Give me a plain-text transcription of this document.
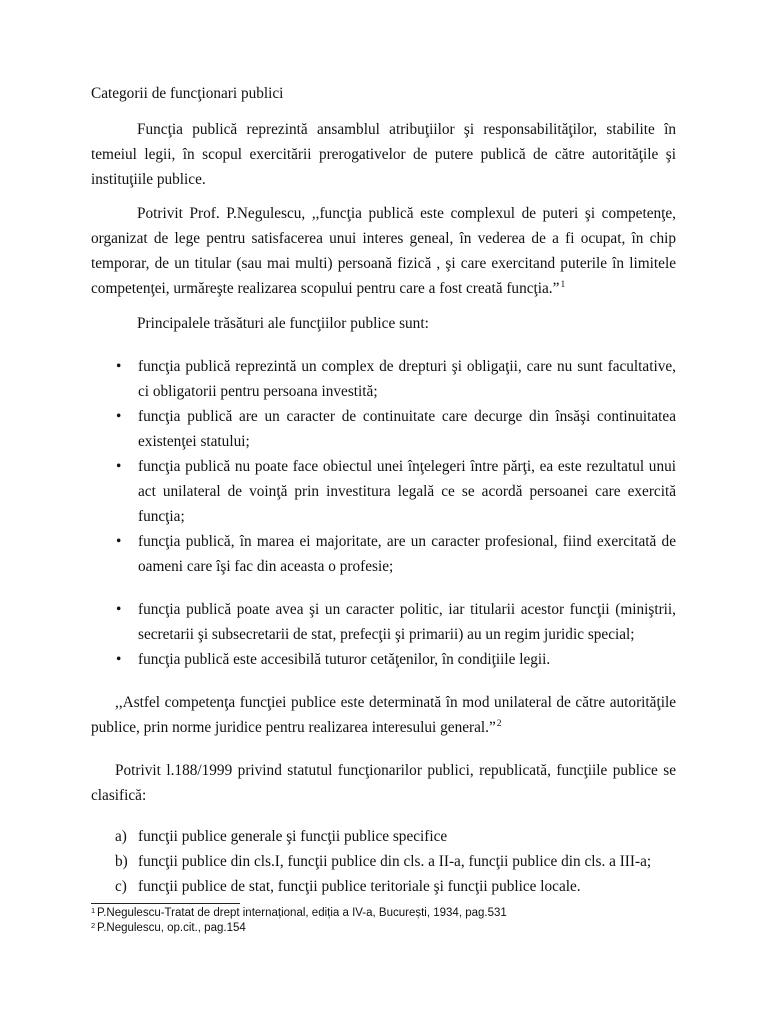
Categorii de funcţionari publici
Funcţia publică reprezintă ansamblul atribuţiilor şi responsabilităţilor, stabilite în
temeiul legii, în scopul exercitării prerogativelor de putere publică de către autorităţile şi
instituţiile publice.
Potrivit Prof. P.Negulescu, ,,funcţia publică este complexul de puteri şi competenţe,
organizat de lege pentru satisfacerea unui interes geneal, în vederea de a fi ocupat, în chip
temporar, de un titular (sau mai multi) persoană fizică , şi care exercitand puterile în limitele
competenţei, urmăreşte realizarea scopului pentru care a fost creată funcţia.”$^1$
Principalele trăsături ale funcţiilor publice sunt:
• funcţia publică reprezintă un complex de drepturi şi obligaţii, care nu sunt facultative,
ci obligatorii pentru persoana investită;
• funcţia publică are un caracter de continuitate care decurge din însăşi continuitatea
existenţei statului;
• funcţia publică nu poate face obiectul unei înţelegeri între părţi, ea este rezultatul unui
act unilateral de voinţă prin investitura legală ce se acordă persoanei care exercită
funcţia;
• funcţia publică, în marea ei majoritate, are un caracter profesional, fiind exercitată de
oameni care îşi fac din aceasta o profesie;
• funcţia publică poate avea şi un caracter politic, iar titularii acestor funcţii (miniştrii,
secretarii şi subsecretarii de stat, prefecţii şi primarii) au un regim juridic special;
• funcţia publică este accesibilă tuturor cetăţenilor, în condiţiile legii.
,,Astfel competenţa funcţiei publice este determinată în mod unilateral de către autorităţile
publice, prin norme juridice pentru realizarea interesului general.”$^2$
Potrivit l.188/1999 privind statutul funcţionarilor publici, republicată, funcţiile publice se
clasifică:
a) funcţii publice generale şi funcţii publice specifice
b) funcţii publice din cls.I, funcţii publice din cls. a II-a, funcţii publice din cls. a III-a;
c) funcţii publice de stat, funcţii publice teritoriale şi funcţii publice locale.
1 P.Negulescu-Tratat de drept internațional, ediția a IV-a, București, 1934, pag.531
2 P.Negulescu, op.cit., pag.154
